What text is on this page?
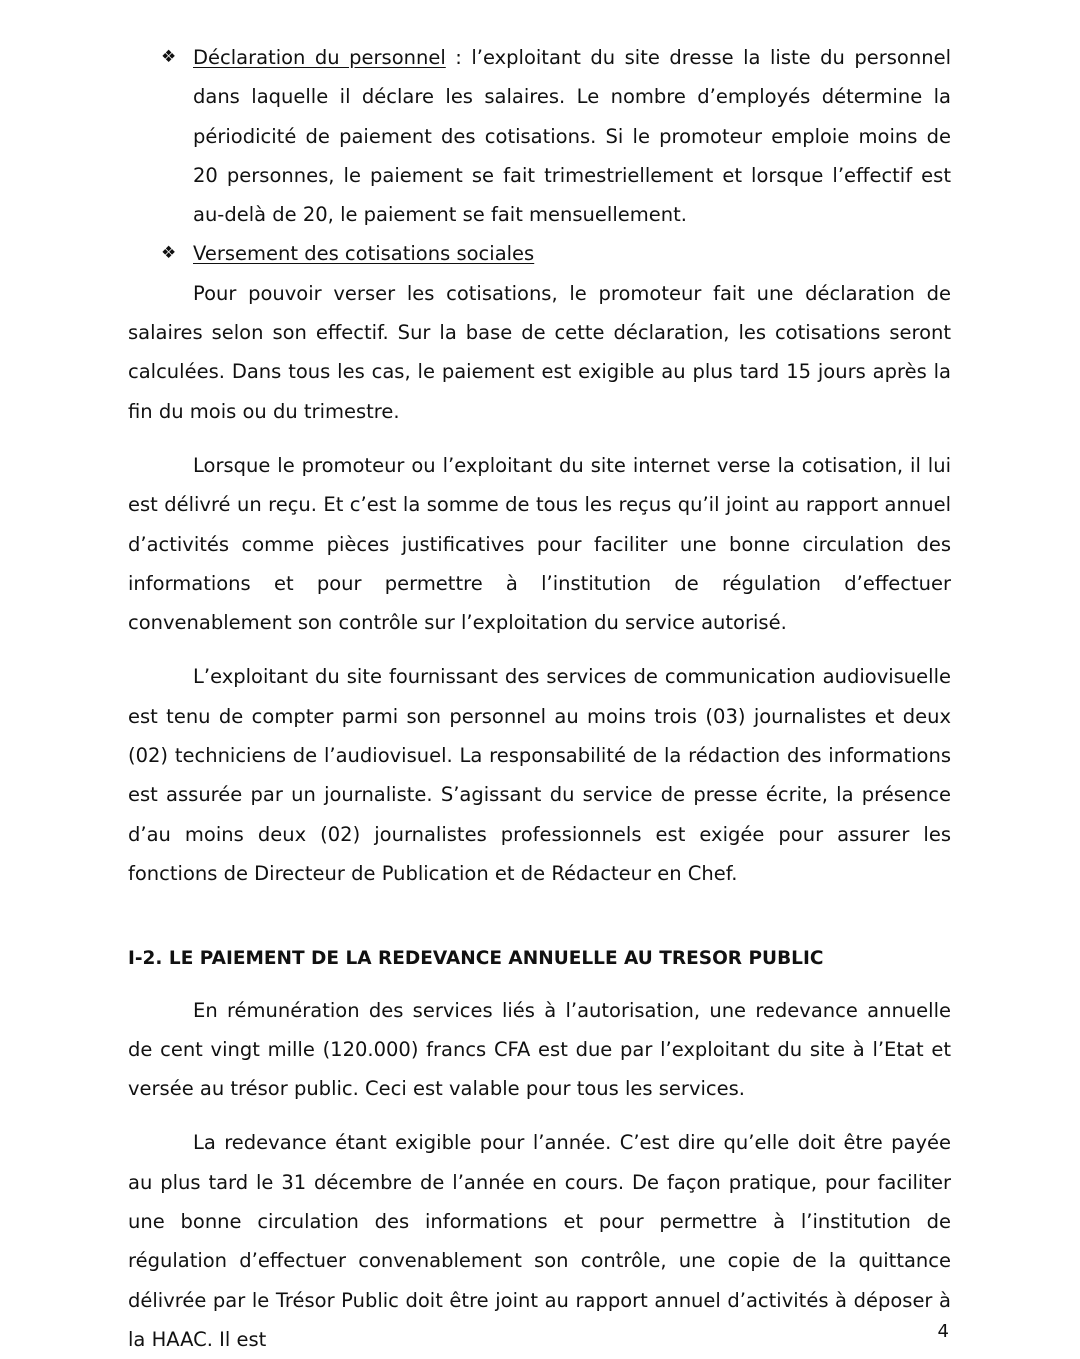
❖ Déclaration du personnel : l’exploitant du site dresse la liste du personnel dans laquelle il déclare les salaires. Le nombre d’employés détermine la périodicité de paiement des cotisations. Si le promoteur emploie moins de 20 personnes, le paiement se fait trimestriellement et lorsque l’effectif est au-delà de 20, le paiement se fait mensuellement.

❖ Versement des cotisations sociales

Pour pouvoir verser les cotisations, le promoteur fait une déclaration de salaires selon son effectif. Sur la base de cette déclaration, les cotisations seront calculées. Dans tous les cas, le paiement est exigible au plus tard 15 jours après la fin du mois ou du trimestre.

Lorsque le promoteur ou l’exploitant du site internet verse la cotisation, il lui est délivré un reçu. Et c’est la somme de tous les reçus qu’il joint au rapport annuel d’activités comme pièces justificatives pour faciliter une bonne circulation des informations et pour permettre à l’institution de régulation d’effectuer convenablement son contrôle sur l’exploitation du service autorisé.

L’exploitant du site fournissant des services de communication audiovisuelle est tenu de compter parmi son personnel au moins trois (03) journalistes et deux (02) techniciens de l’audiovisuel. La responsabilité de la rédaction des informations est assurée par un journaliste. S’agissant du service de presse écrite, la présence d’au moins deux (02) journalistes professionnels est exigée pour assurer les fonctions de Directeur de Publication et de Rédacteur en Chef.

I-2. LE PAIEMENT DE LA REDEVANCE ANNUELLE AU TRESOR PUBLIC

En rémunération des services liés à l’autorisation, une redevance annuelle de cent vingt mille (120.000) francs CFA est due par l’exploitant du site à l’Etat et versée au trésor public. Ceci est valable pour tous les services.

La redevance étant exigible pour l’année. C’est dire qu’elle doit être payée au plus tard le 31 décembre de l’année en cours. De façon pratique, pour faciliter une bonne circulation des informations et pour permettre à l’institution de régulation d’effectuer convenablement son contrôle, une copie de la quittance délivrée par le Trésor Public doit être joint au rapport annuel d’activités à déposer à la HAAC. Il est	4
